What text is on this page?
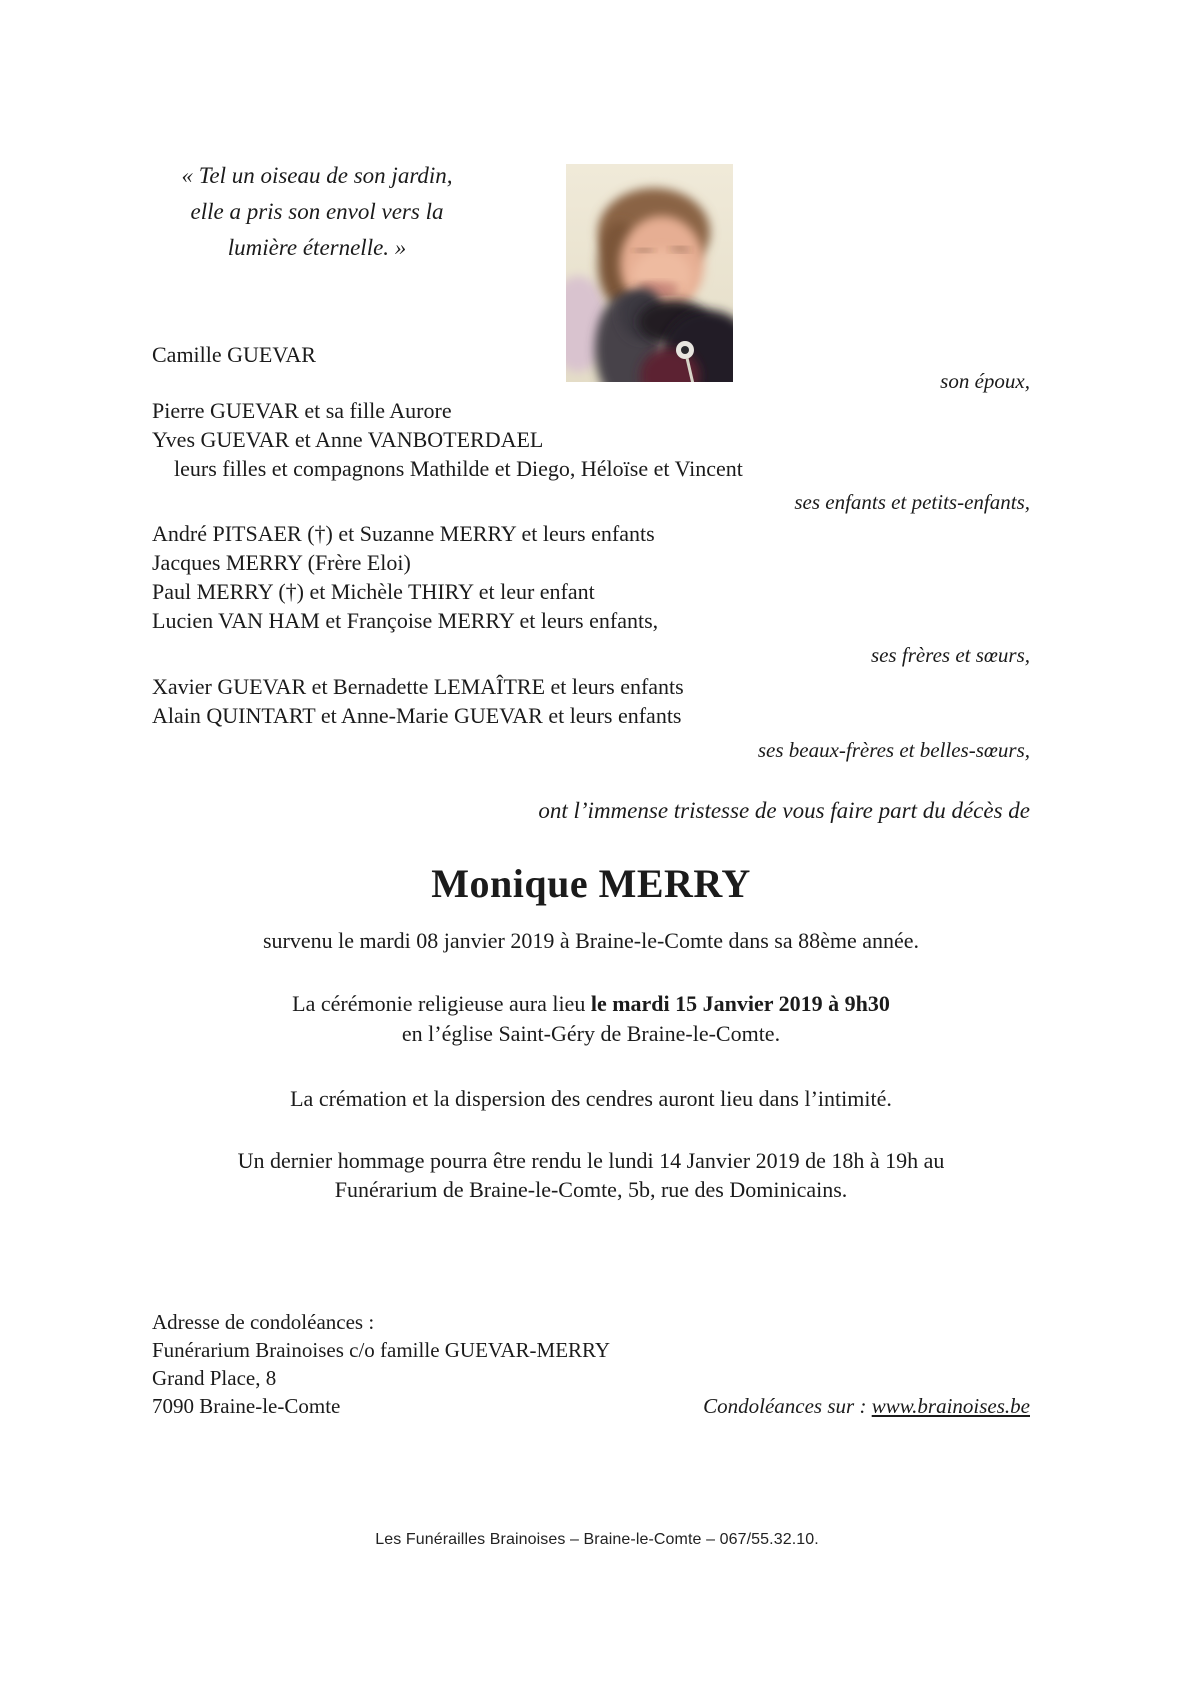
« Tel un oiseau de son jardin,
elle a pris son envol vers la
lumière éternelle. »
Camille GUEVAR
son époux,
Pierre GUEVAR et sa fille Aurore
Yves GUEVAR et Anne VANBOTERDAEL
leurs filles et compagnons Mathilde et Diego, Héloïse et Vincent
ses enfants et petits-enfants,
André PITSAER (†) et Suzanne MERRY et leurs enfants
Jacques MERRY (Frère Eloi)
Paul MERRY (†) et Michèle THIRY et leur enfant
Lucien VAN HAM et Françoise MERRY et leurs enfants,
ses frères et sœurs,
Xavier GUEVAR et Bernadette LEMAÎTRE et leurs enfants
Alain QUINTART et Anne-Marie GUEVAR et leurs enfants
ses beaux-frères et belles-sœurs,
ont l’immense tristesse de vous faire part du décès de
Monique MERRY
survenu le mardi 08 janvier 2019 à Braine-le-Comte dans sa 88ème année.
La cérémonie religieuse aura lieu le mardi 15 Janvier 2019 à 9h30
en l’église Saint-Géry de Braine-le-Comte.
La crémation et la dispersion des cendres auront lieu dans l’intimité.
Un dernier hommage pourra être rendu le lundi 14 Janvier 2019 de 18h à 19h au
Funérarium de Braine-le-Comte, 5b, rue des Dominicains.
Adresse de condoléances :
Funérarium Brainoises c/o famille GUEVAR-MERRY
Grand Place, 8
7090 Braine-le-Comte	Condoléances sur : www.brainoises.be
Les Funérailles Brainoises – Braine-le-Comte – 067/55.32.10.
